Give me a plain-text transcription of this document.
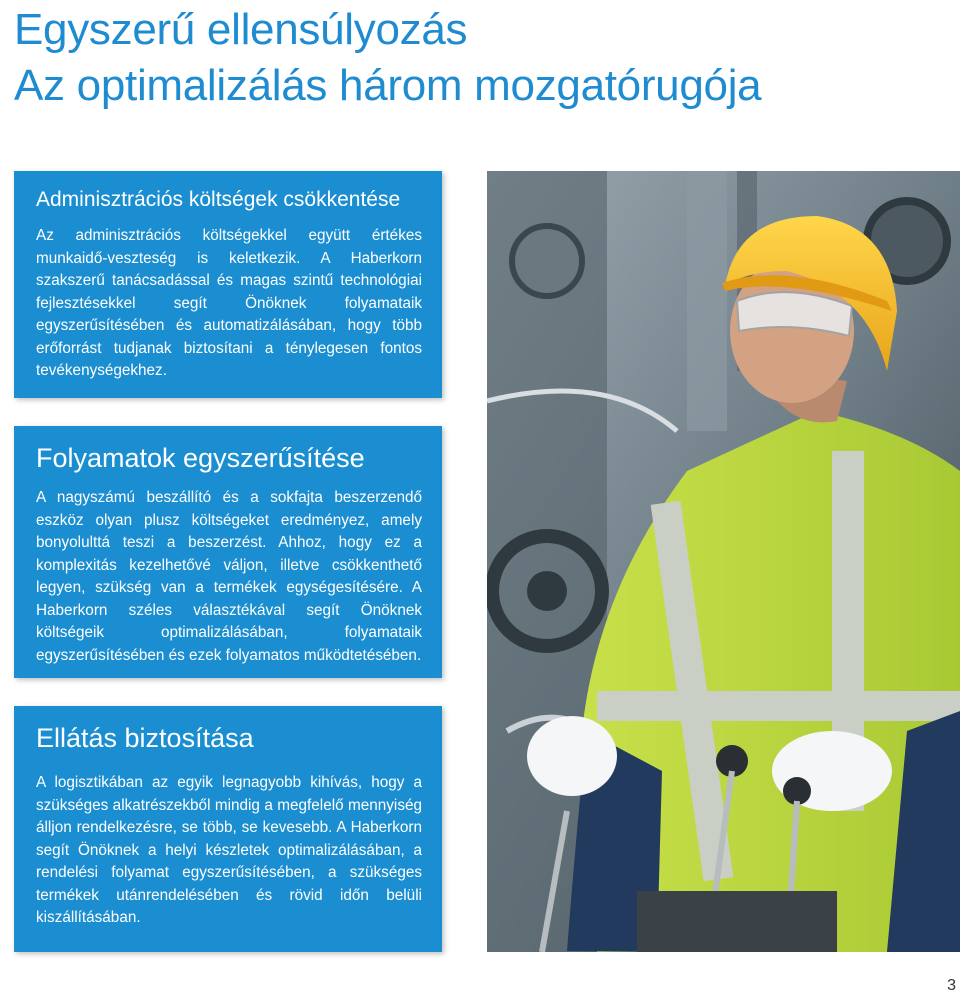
Egyszerű ellensúlyozás
Az optimalizálás három mozgatórugója
Adminisztrációs költségek csökkentése

Az adminisztrációs költségekkel együtt értékes munkaidő-veszteség is keletkezik. A Haberkorn szakszerű tanácsadással és magas szintű technológiai fejlesztésekkel segít Önöknek folyamataik egyszerűsítésében és automatizálásában, hogy több erőforrást tudjanak biztosítani a ténylegesen fontos tevékenységekhez.

Folyamatok egyszerűsítése

A nagyszámú beszállító és a sokfajta beszerzendő eszköz olyan plusz költségeket eredményez, amely bonyolulttá teszi a beszerzést. Ahhoz, hogy ez a komplexitás kezelhetővé váljon, illetve csökkenthető legyen, szükség van a termékek egységesítésére. A Haberkorn széles választékával segít Önöknek költségeik optimalizálásában, folyamataik egyszerűsítésében és ezek folyamatos működtetésében.

Ellátás biztosítása

A logisztikában az egyik legnagyobb kihívás, hogy a szükséges alkatrészekből mindig a megfelelő mennyiség álljon rendelkezésre, se több, se kevesebb. A Haberkorn segít Önöknek a helyi készletek optimalizálásában, a rendelési folyamat egyszerűsítésében, a szükséges termékek utánrendelésében és rövid időn belüli kiszállításában.

3
